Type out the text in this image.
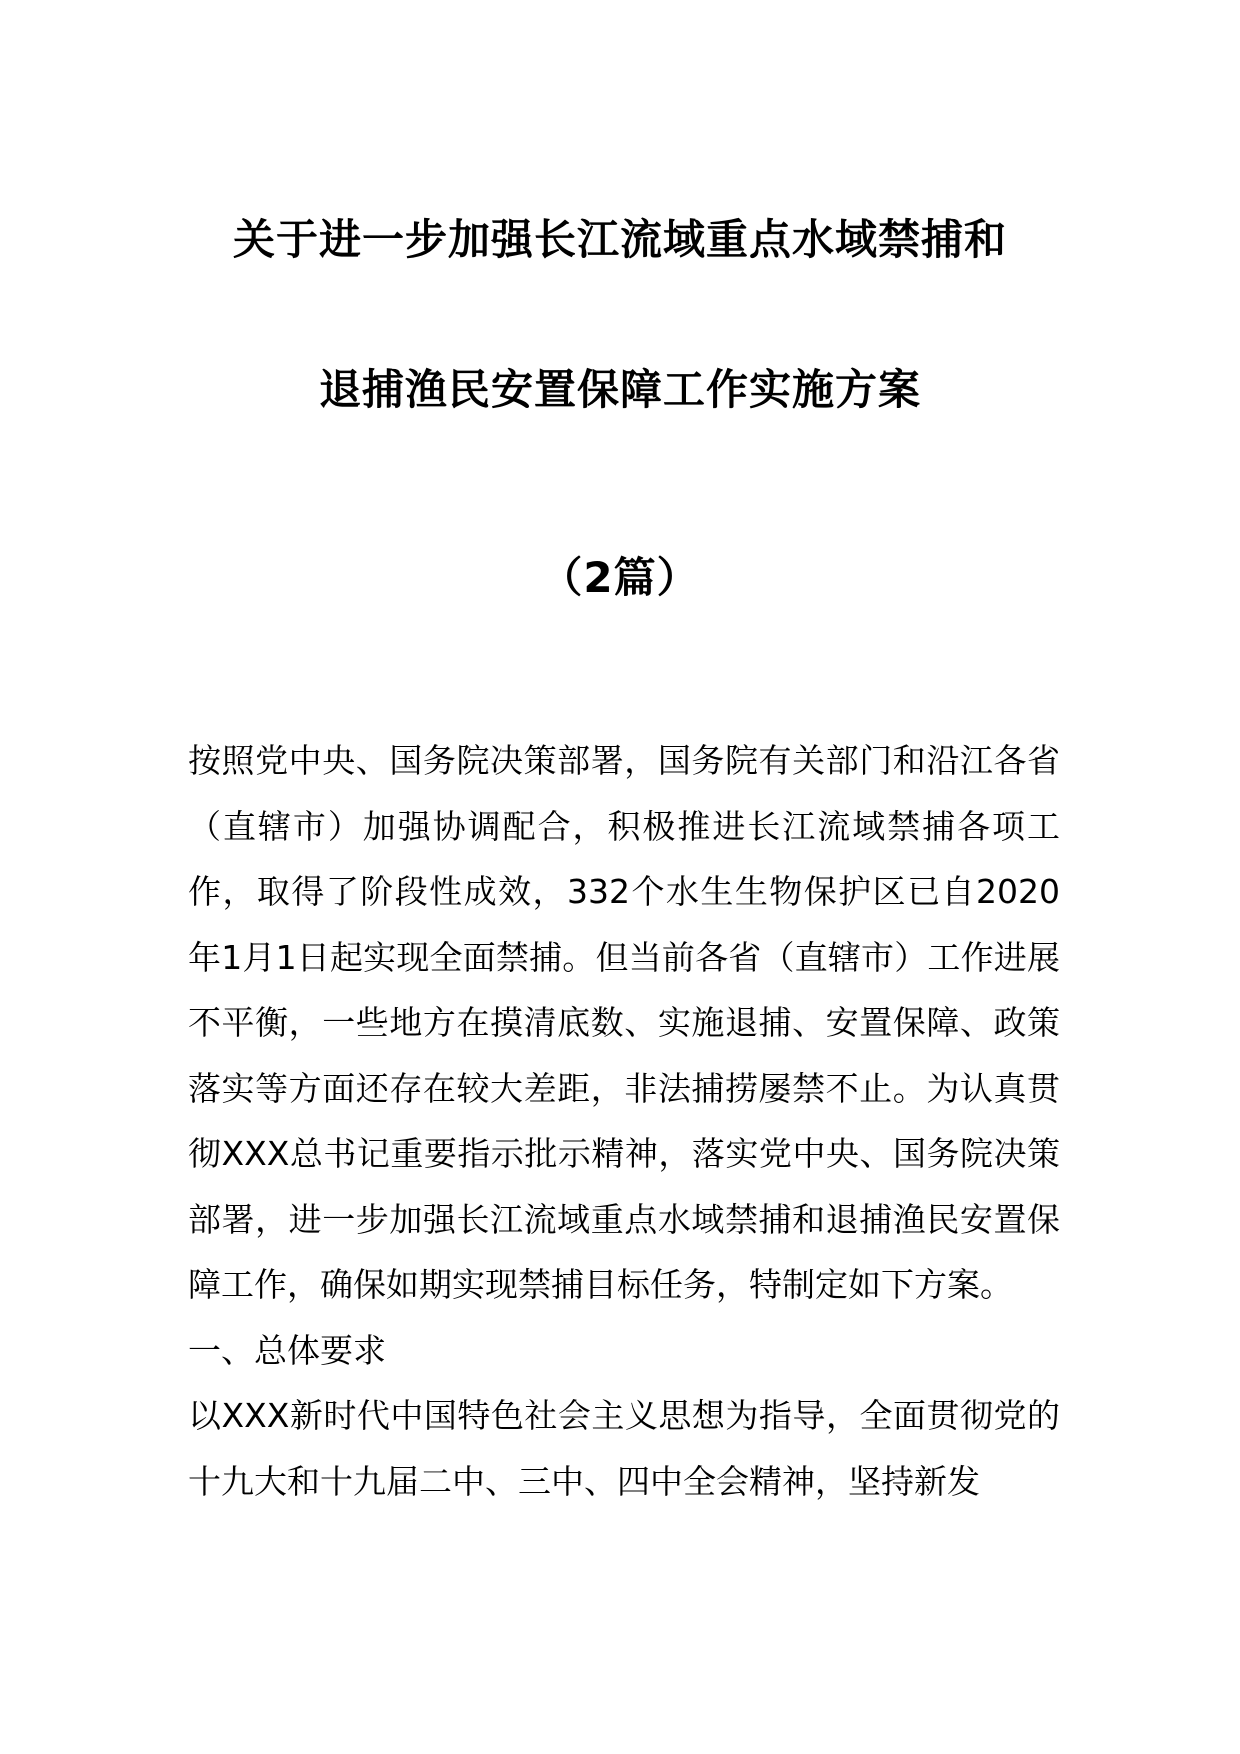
关于进一步加强长江流域重点水域禁捕和
退捕渔民安置保障工作实施方案
（2篇）

按照党中央、国务院决策部署，国务院有关部门和沿江各省（直辖市）加强协调配合，积极推进长江流域禁捕各项工作，取得了阶段性成效，332个水生生物保护区已自2020年1月1日起实现全面禁捕。但当前各省（直辖市）工作进展不平衡，一些地方在摸清底数、实施退捕、安置保障、政策落实等方面还存在较大差距，非法捕捞屡禁不止。为认真贯彻XXX总书记重要指示批示精神，落实党中央、国务院决策部署，进一步加强长江流域重点水域禁捕和退捕渔民安置保障工作，确保如期实现禁捕目标任务，特制定如下方案。

一、总体要求

以XXX新时代中国特色社会主义思想为指导，全面贯彻党的十九大和十九届二中、三中、四中全会精神，坚持新发
